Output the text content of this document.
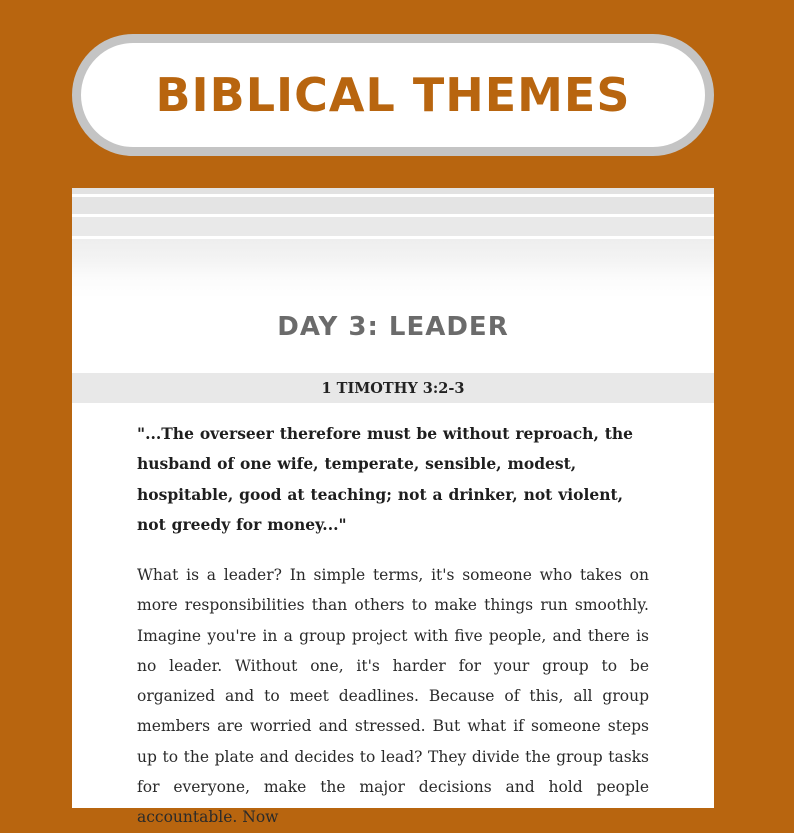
BIBLICAL THEMES
DAY 3: LEADER
1 TIMOTHY 3:2-3

"...The overseer therefore must be without reproach, the husband of one wife, temperate, sensible, modest, hospitable, good at teaching; not a drinker, not violent, not greedy for money..."

What is a leader? In simple terms, it's someone who takes on more responsibilities than others to make things run smoothly. Imagine you're in a group project with five people, and there is no leader. Without one, it's harder for your group to be organized and to meet deadlines. Because of this, all group members are worried and stressed. But what if someone steps up to the plate and decides to lead? They divide the group tasks for everyone, make the major decisions and hold people accountable. Now
